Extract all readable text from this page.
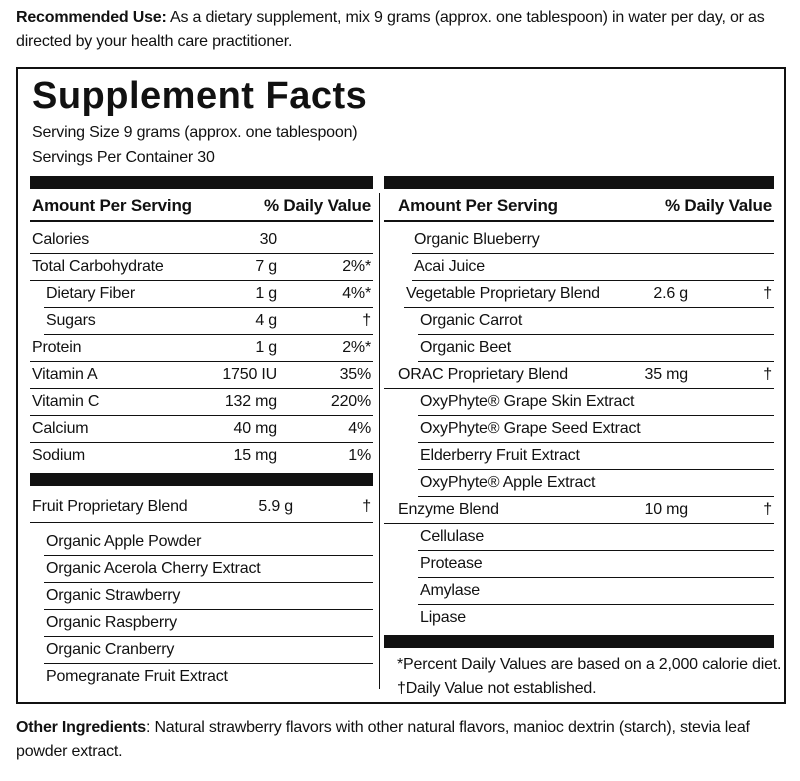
Recommended Use: As a dietary supplement, mix 9 grams (approx. one tablespoon) in water per day, or as directed by your health care practitioner.
Supplement Facts
Serving Size 9 grams (approx. one tablespoon)
Servings Per Container 30
Amount Per Serving	% Daily Value
Calories	30
Total Carbohydrate	7 g	2%*
Dietary Fiber	1 g	4%*
Sugars	4 g	†
Protein	1 g	2%*
Vitamin A	1750 IU	35%
Vitamin C	132 mg	220%
Calcium	40 mg	4%
Sodium	15 mg	1%
Fruit Proprietary Blend	5.9 g	†
Organic Apple Powder
Organic Acerola Cherry Extract
Organic Strawberry
Organic Raspberry
Organic Cranberry
Pomegranate Fruit Extract
Amount Per Serving	% Daily Value
Organic Blueberry
Acai Juice
Vegetable Proprietary Blend	2.6 g	†
Organic Carrot
Organic Beet
ORAC Proprietary Blend	35 mg	†
OxyPhyte® Grape Skin Extract
OxyPhyte® Grape Seed Extract
Elderberry Fruit Extract
OxyPhyte® Apple Extract
Enzyme Blend	10 mg	†
Cellulase
Protease
Amylase
Lipase
*Percent Daily Values are based on a 2,000 calorie diet.
†Daily Value not established.
Other Ingredients: Natural strawberry flavors with other natural flavors, manioc dextrin (starch), stevia leaf powder extract.
